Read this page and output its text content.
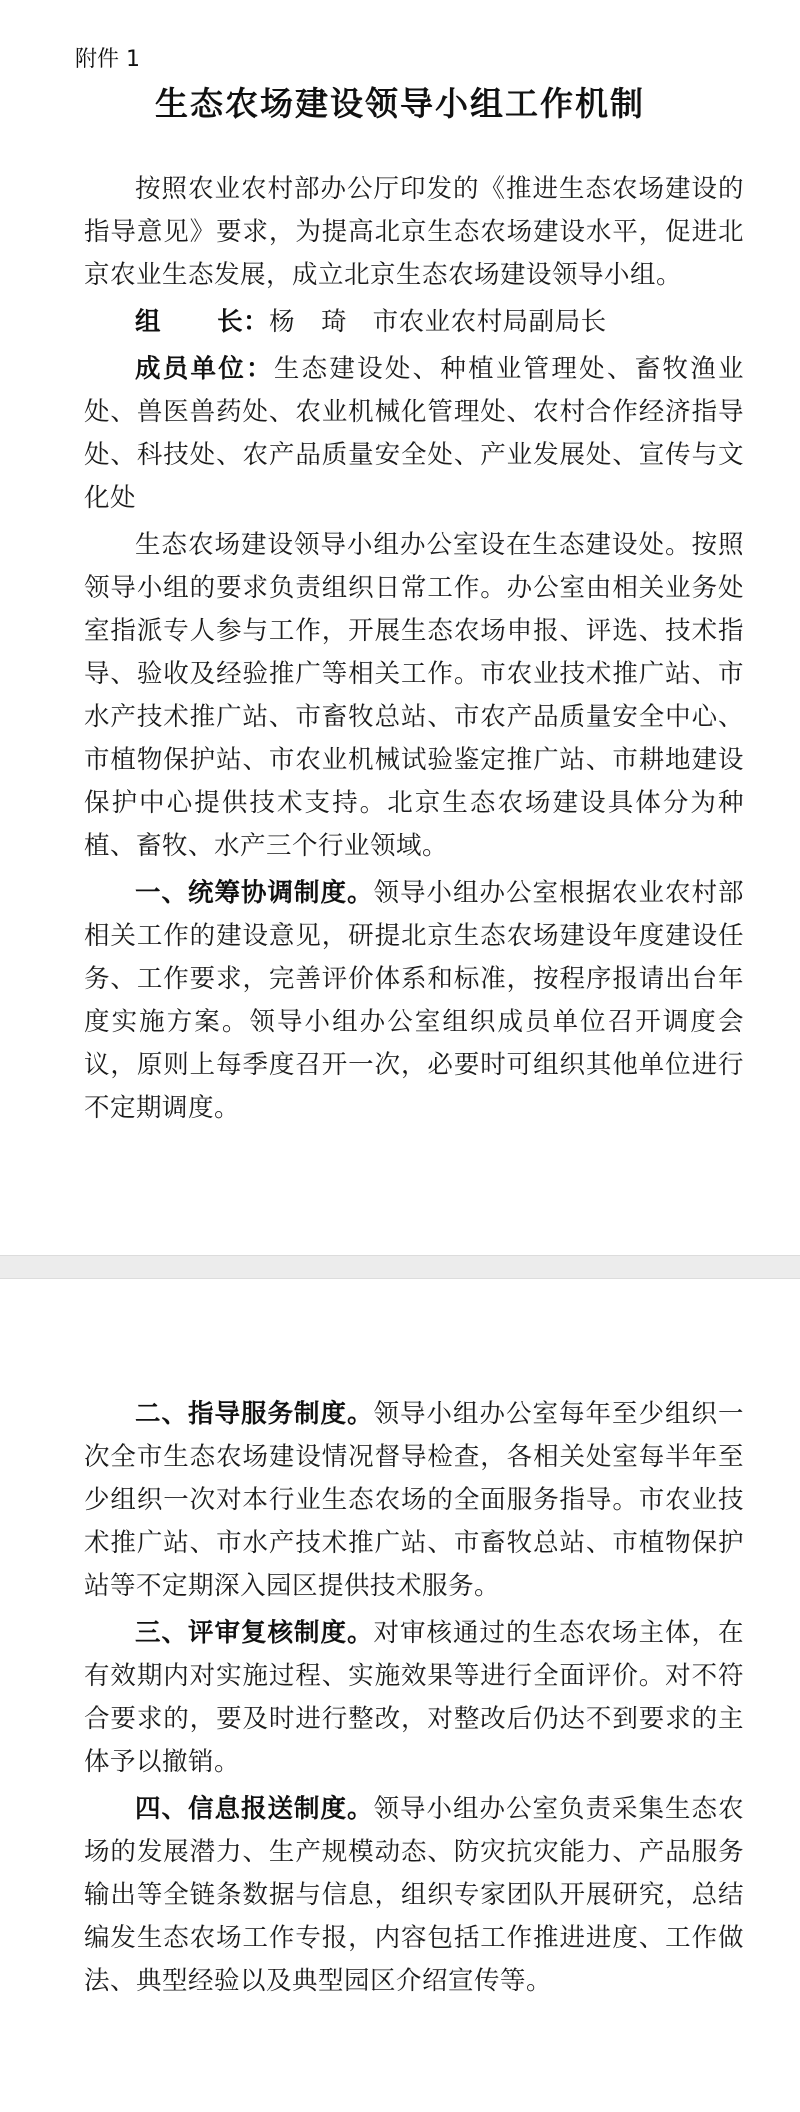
附件 1
生态农场建设领导小组工作机制

按照农业农村部办公厅印发的《推进生态农场建设的指导意见》要求，为提高北京生态农场建设水平，促进北京农业生态发展，成立北京生态农场建设领导小组。

组 长：杨　琦 市农业农村局副局长

成员单位：生态建设处、种植业管理处、畜牧渔业处、兽医兽药处、农业机械化管理处、农村合作经济指导处、科技处、农产品质量安全处、产业发展处、宣传与文化处

生态农场建设领导小组办公室设在生态建设处。按照领导小组的要求负责组织日常工作。办公室由相关业务处室指派专人参与工作，开展生态农场申报、评选、技术指导、验收及经验推广等相关工作。市农业技术推广站、市水产技术推广站、市畜牧总站、市农产品质量安全中心、市植物保护站、市农业机械试验鉴定推广站、市耕地建设保护中心提供技术支持。北京生态农场建设具体分为种植、畜牧、水产三个行业领域。

一、统筹协调制度。领导小组办公室根据农业农村部相关工作的建设意见，研提北京生态农场建设年度建设任务、工作要求，完善评价体系和标准，按程序报请出台年度实施方案。领导小组办公室组织成员单位召开调度会议，原则上每季度召开一次，必要时可组织其他单位进行不定期调度。

二、指导服务制度。领导小组办公室每年至少组织一次全市生态农场建设情况督导检查，各相关处室每半年至少组织一次对本行业生态农场的全面服务指导。市农业技术推广站、市水产技术推广站、市畜牧总站、市植物保护站等不定期深入园区提供技术服务。

三、评审复核制度。对审核通过的生态农场主体，在有效期内对实施过程、实施效果等进行全面评价。对不符合要求的，要及时进行整改，对整改后仍达不到要求的主体予以撤销。

四、信息报送制度。领导小组办公室负责采集生态农场的发展潜力、生产规模动态、防灾抗灾能力、产品服务输出等全链条数据与信息，组织专家团队开展研究，总结编发生态农场工作专报，内容包括工作推进进度、工作做法、典型经验以及典型园区介绍宣传等。
